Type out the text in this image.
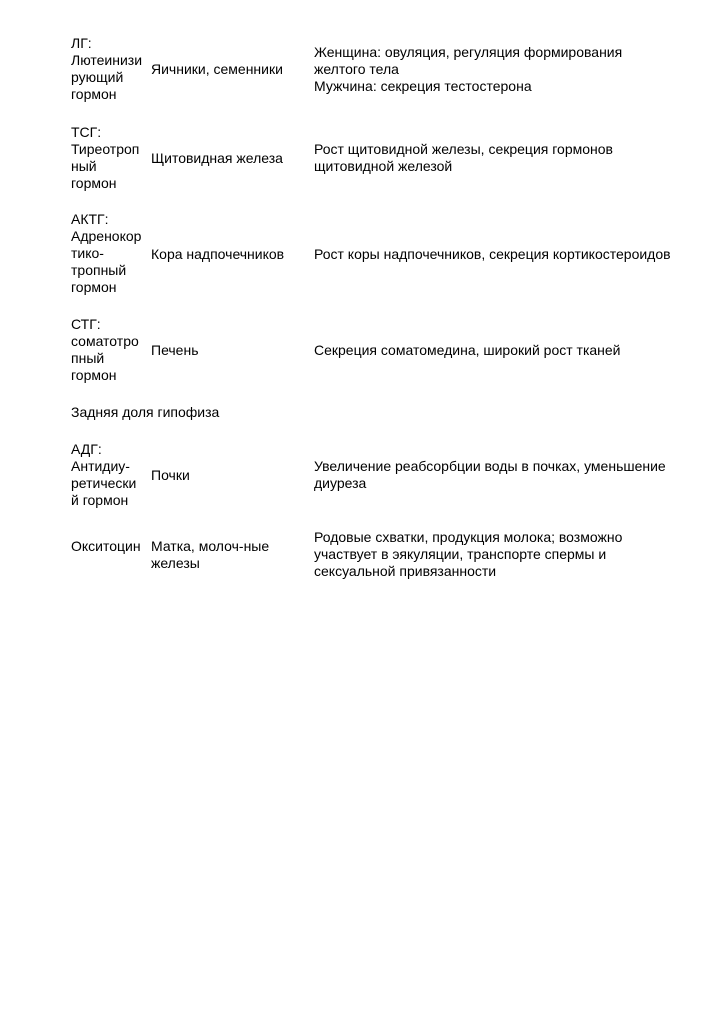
ЛГ:
Лютеинизи
рующий
гормон
Яичники, семенники
Женщина: овуляция, регуляция формирования
желтого тела
Мужчина: секреция тестостерона
ТСГ:
Тиреотроп
ный
гормон
Щитовидная железа
Рост щитовидной железы, секреция гормонов
щитовидной железой
АКТГ:
Адренокор
тико-
тропный
гормон
Кора надпочечников	Рост коры надпочечников, секреция кортикостероидов
СТГ:
соматотро
пный
гормон
Печень	Секреция соматомедина, широкий рост тканей
Задняя доля гипофиза
АДГ:
Антидиу-
ретически
й гормон
Почки
Увеличение реабсорбции воды в почках, уменьшение
диуреза
Окситоцин Матка, молоч-ные
железы
Родовые схватки, продукция молока; возможно
участвует в эякуляции, транспорте спермы и
сексуальной привязанности
